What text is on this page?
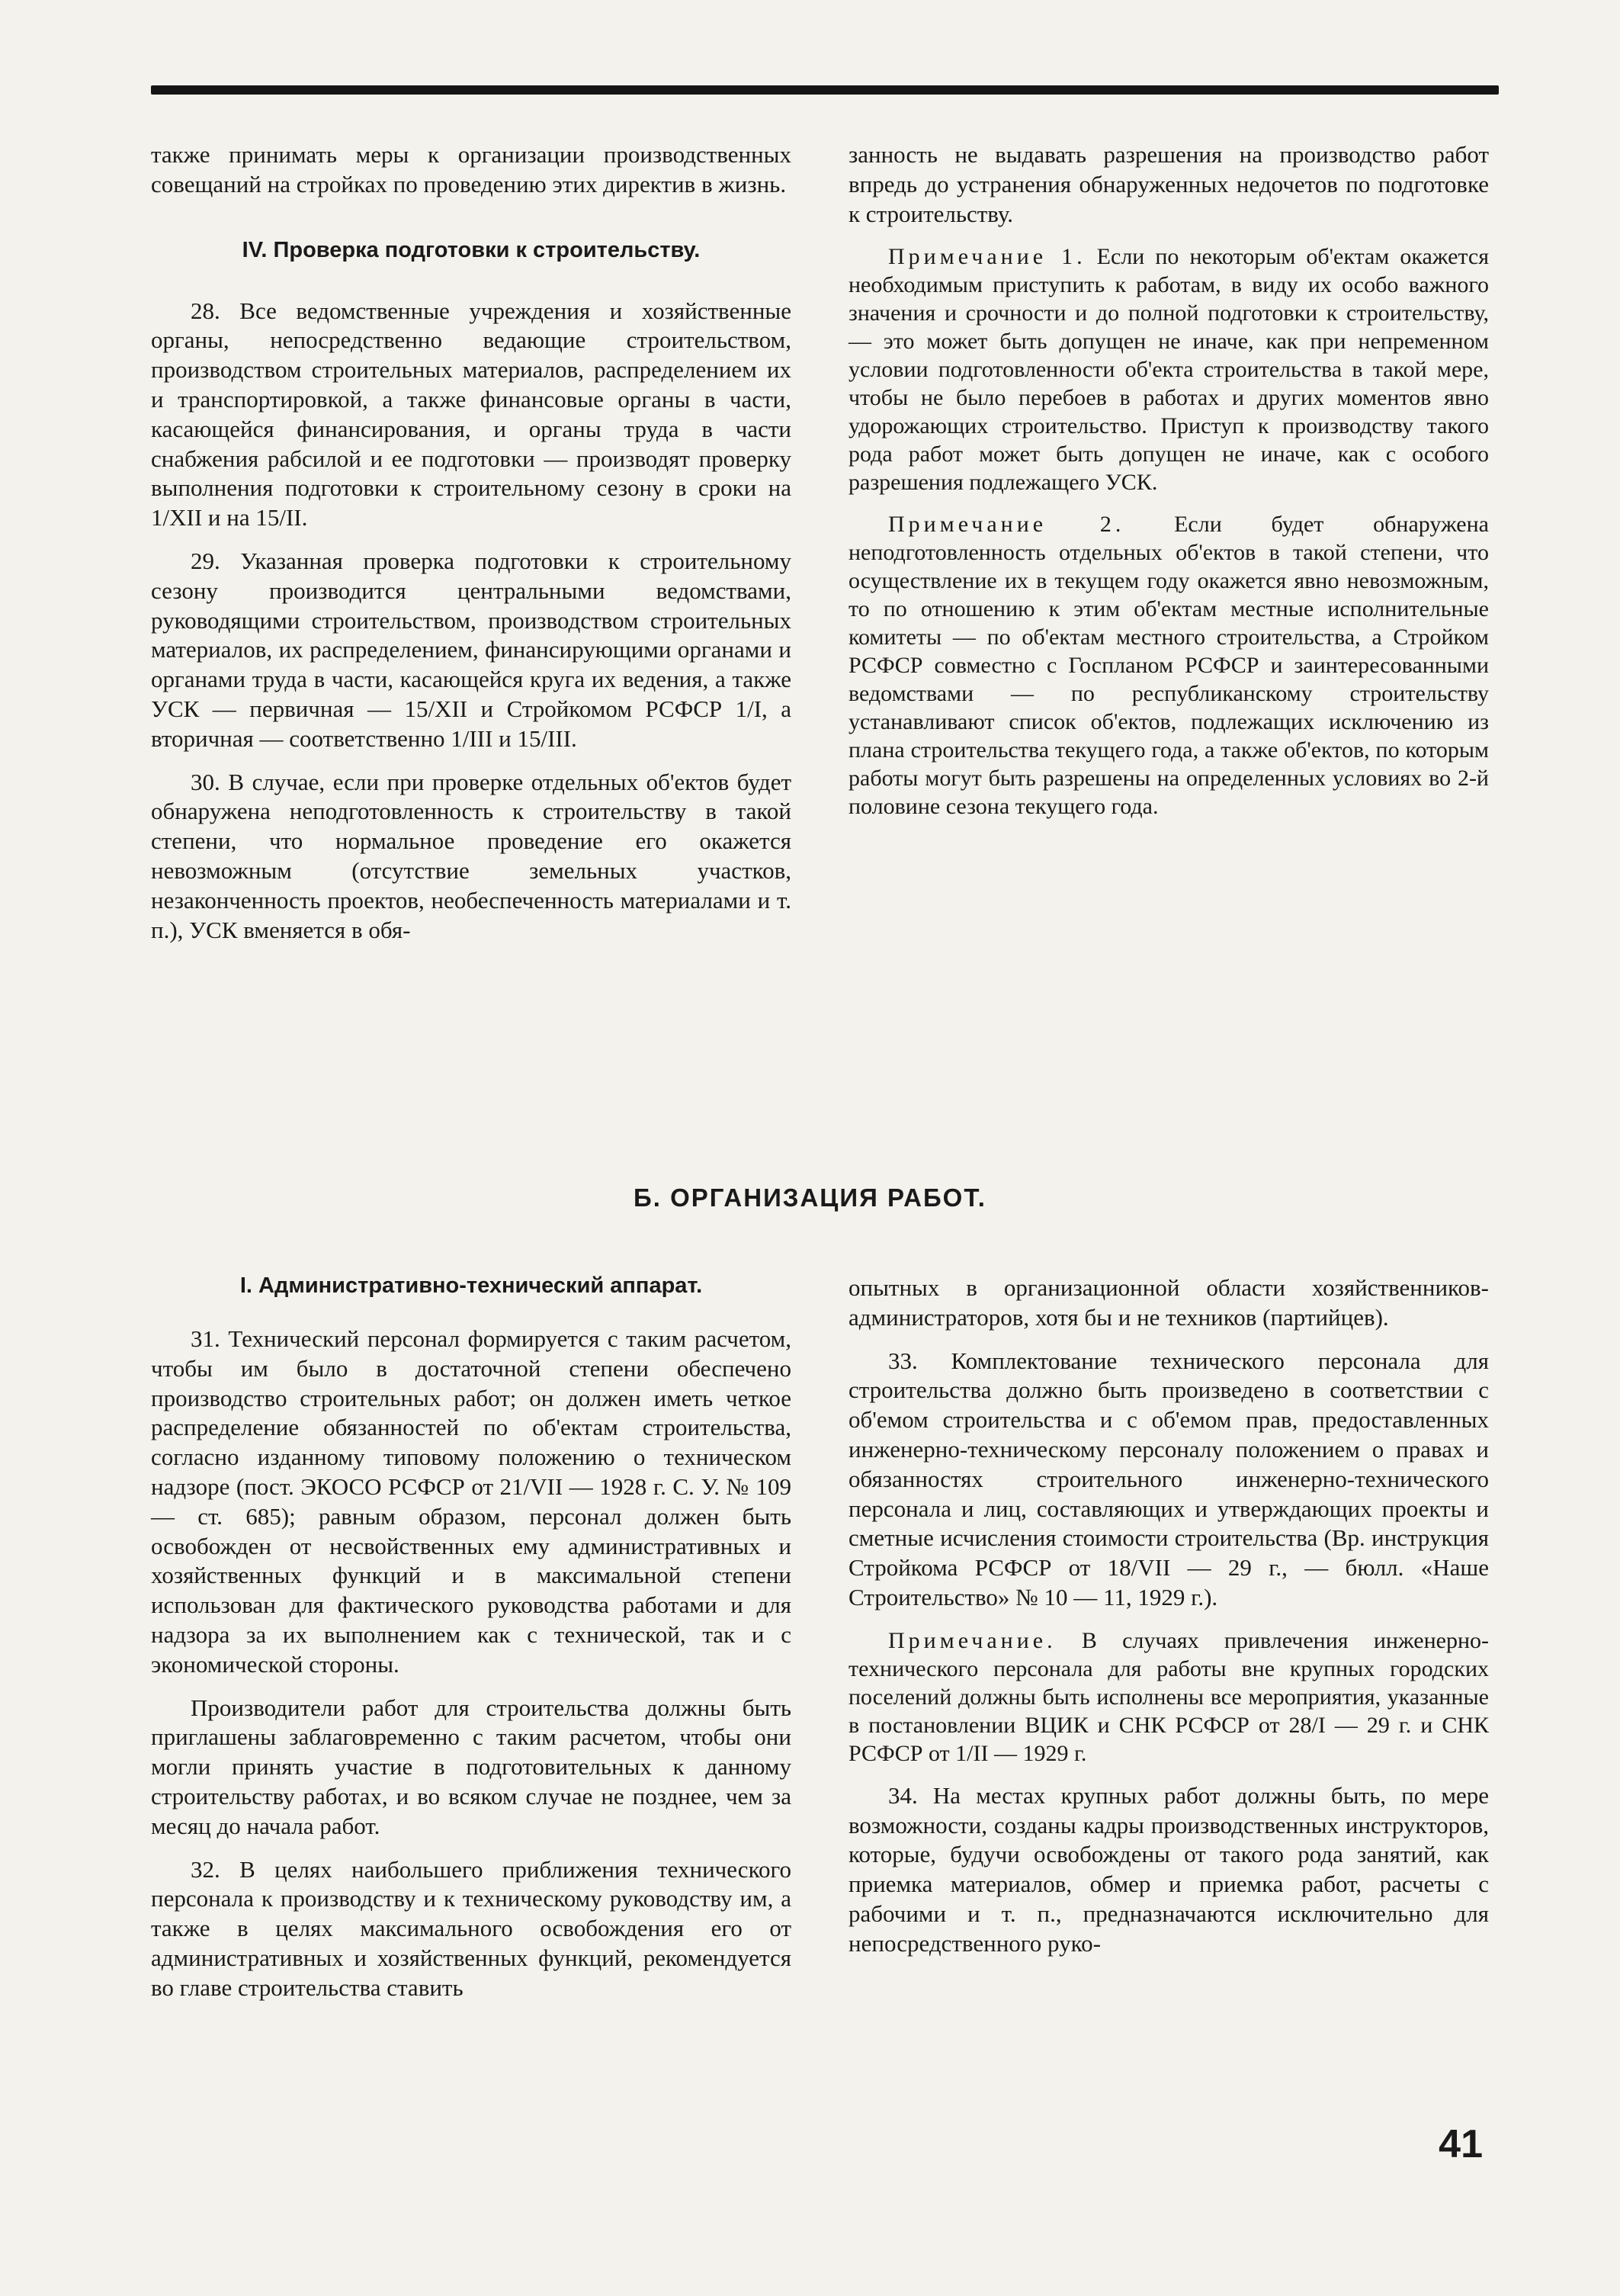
также принимать меры к организации производственных совещаний на стройках по проведению этих директив в жизнь.

IV. Проверка подготовки к строительству.

28. Все ведомственные учреждения и хозяйственные органы, непосредственно ведающие строительством, производством строительных материалов, распределением их и транспортировкой, а также финансовые органы в части, касающейся финансирования, и органы труда в части снабжения рабсилой и ее подготовки — производят проверку выполнения подготовки к строительному сезону в сроки на 1/XII и на 15/II.

29. Указанная проверка подготовки к строительному сезону производится центральными ведомствами, руководящими строительством, производством строительных материалов, их распределением, финансирующими органами и органами труда в части, касающейся круга их ведения, а также УСК — первичная — 15/XII и Стройкомом РСФСР 1/I, а вторичная — соответственно 1/III и 15/III.

30. В случае, если при проверке отдельных об'ектов будет обнаружена неподготовленность к строительству в такой степени, что нормальное проведение его окажется невозможным (отсутствие земельных участков, незаконченность проектов, необеспеченность материалами и т. п.), УСК вменяется в обя-

занность не выдавать разрешения на производство работ впредь до устранения обнаруженных недочетов по подготовке к строительству.

Примечание 1. Если по некоторым об'ектам окажется необходимым приступить к работам, в виду их особо важного значения и срочности и до полной подготовки к строительству, — это может быть допущен не иначе, как при непременном условии подготовленности об'екта строительства в такой мере, чтобы не было перебоев в работах и других моментов явно удорожающих строительство. Приступ к производству такого рода работ может быть допущен не иначе, как с особого разрешения подлежащего УСК.

Примечание 2. Если будет обнаружена неподготовленность отдельных об'ектов в такой степени, что осуществление их в текущем году окажется явно невозможным, то по отношению к этим об'ектам местные исполнительные комитеты — по об'ектам местного строительства, а Стройком РСФСР совместно с Госпланом РСФСР и заинтересованными ведомствами — по республиканскому строительству устанавливают список об'ектов, подлежащих исключению из плана строительства текущего года, а также об'ектов, по которым работы могут быть разрешены на определенных условиях во 2-й половине сезона текущего года.

Б. ОРГАНИЗАЦИЯ РАБОТ.
I. Административно-технический аппарат.

31. Технический персонал формируется с таким расчетом, чтобы им было в достаточной степени обеспечено производство строительных работ; он должен иметь четкое распределение обязанностей по об'ектам строительства, согласно изданному типовому положению о техническом надзоре (пост. ЭКОСО РСФСР от 21/VII — 1928 г. С. У. № 109 — ст. 685); равным образом, персонал должен быть освобожден от несвойственных ему административных и хозяйственных функций и в максимальной степени использован для фактического руководства работами и для надзора за их выполнением как с технической, так и с экономической стороны.

Производители работ для строительства должны быть приглашены заблаговременно с таким расчетом, чтобы они могли принять участие в подготовительных к данному строительству работах, и во всяком случае не позднее, чем за месяц до начала работ.

32. В целях наибольшего приближения технического персонала к производству и к техническому руководству им, а также в целях максимального освобождения его от административных и хозяйственных функций, рекомендуется во главе строительства ставить

опытных в организационной области хозяйственников-администраторов, хотя бы и не техников (партийцев).

33. Комплектование технического персонала для строительства должно быть произведено в соответствии с об'емом строительства и с об'емом прав, предоставленных инженерно-техническому персоналу положением о правах и обязанностях строительного инженерно-технического персонала и лиц, составляющих и утверждающих проекты и сметные исчисления стоимости строительства (Вр. инструкция Стройкома РСФСР от 18/VII — 29 г., — бюлл. «Наше Строительство» № 10 — 11, 1929 г.).

Примечание. В случаях привлечения инженерно-технического персонала для работы вне крупных городских поселений должны быть исполнены все мероприятия, указанные в постановлении ВЦИК и СНК РСФСР от 28/I — 29 г. и СНК РСФСР от 1/II — 1929 г.

34. На местах крупных работ должны быть, по мере возможности, созданы кадры производственных инструкторов, которые, будучи освобождены от такого рода занятий, как приемка материалов, обмер и приемка работ, расчеты с рабочими и т. п., предназначаются исключительно для непосредственного руко-

41
